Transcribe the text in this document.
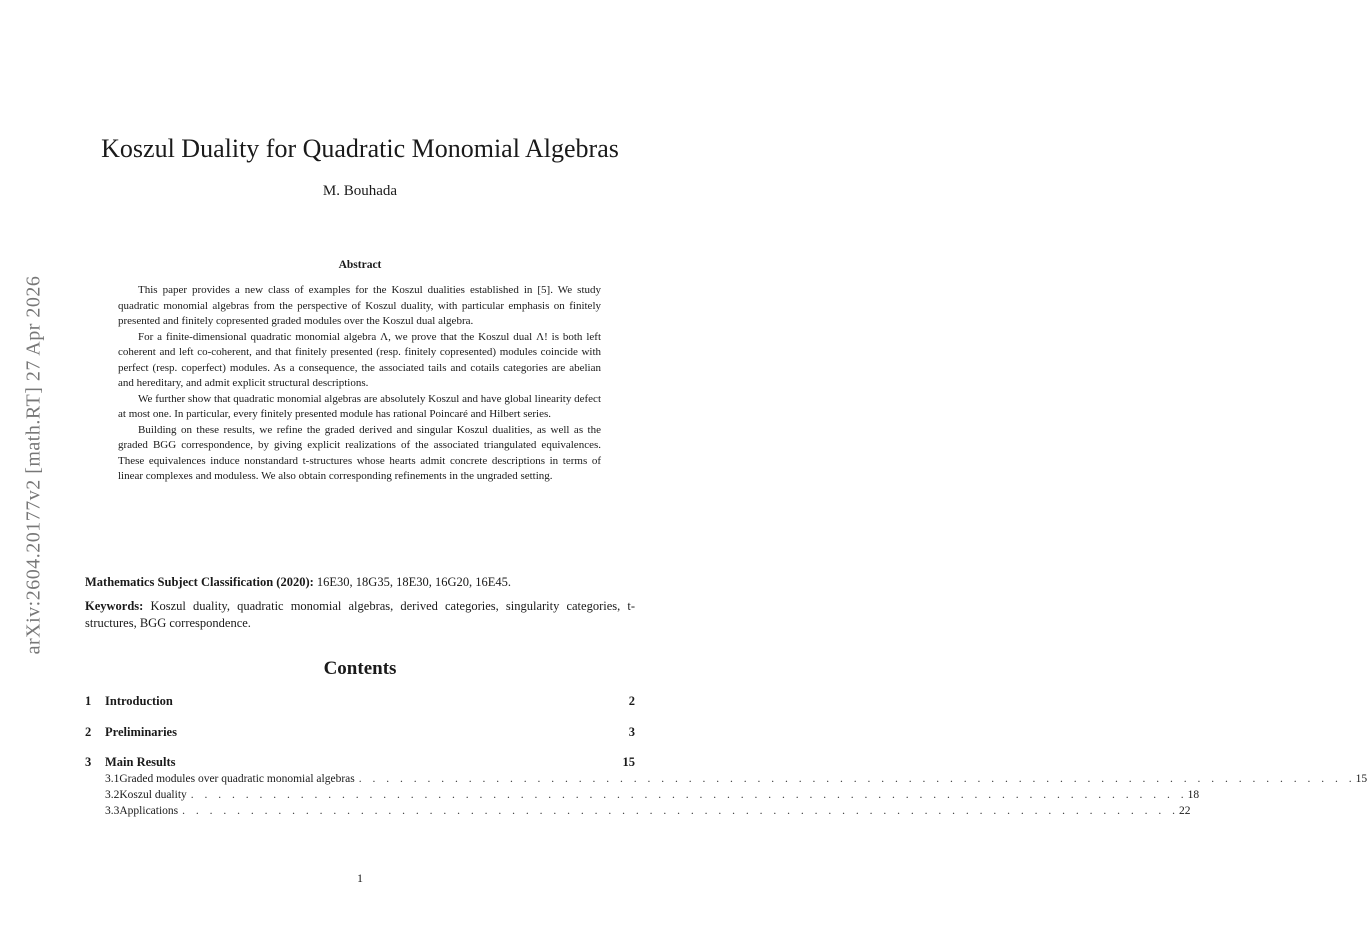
arXiv:2604.20177v2 [math.RT] 27 Apr 2026
Koszul Duality for Quadratic Monomial Algebras
M. Bouhada
Abstract

This paper provides a new class of examples for the Koszul dualities established in [5]. We study quadratic monomial algebras from the perspective of Koszul duality, with particular emphasis on finitely presented and finitely copresented graded modules over the Koszul dual algebra.

For a finite-dimensional quadratic monomial algebra Λ, we prove that the Koszul dual Λ! is both left coherent and left co-coherent, and that finitely presented (resp. finitely copresented) modules coincide with perfect (resp. coperfect) modules. As a consequence, the associated tails and cotails categories are abelian and hereditary, and admit explicit structural descriptions.

We further show that quadratic monomial algebras are absolutely Koszul and have global linearity defect at most one. In particular, every finitely presented module has rational Poincaré and Hilbert series.

Building on these results, we refine the graded derived and singular Koszul dualities, as well as the graded BGG correspondence, by giving explicit realizations of the associated triangulated equivalences. These equivalences induce nonstandard t-structures whose hearts admit concrete descriptions in terms of linear complexes and moduless. We also obtain corresponding refinements in the ungraded setting.

Mathematics Subject Classification (2020): 16E30, 18G35, 18E30, 16G20, 16E45.
Keywords: Koszul duality, quadratic monomial algebras, derived categories, singularity categories, t-structures, BGG correspondence.
Contents
1	Introduction	2
2	Preliminaries	3
3	Main Results	15
3.1 Graded modules over quadratic monomial algebras . . . . . . . . . . . . . . . . . . . . . . . . . . . . . . . . . . . . . . . . . . . . . . . . . . . . . . . . . . . . . . . . . . . . . . . . . 15
3.2 Koszul duality . . . . . . . . . . . . . . . . . . . . . . . . . . . . . . . . . . . . . . . . . . . . . . . . . . . . . . . . . . . . . . . . . . . . . . . . . 18
3.3 Applications . . . . . . . . . . . . . . . . . . . . . . . . . . . . . . . . . . . . . . . . . . . . . . . . . . . . . . . . . . . . . . . . . . . . . . . . . 22
1
